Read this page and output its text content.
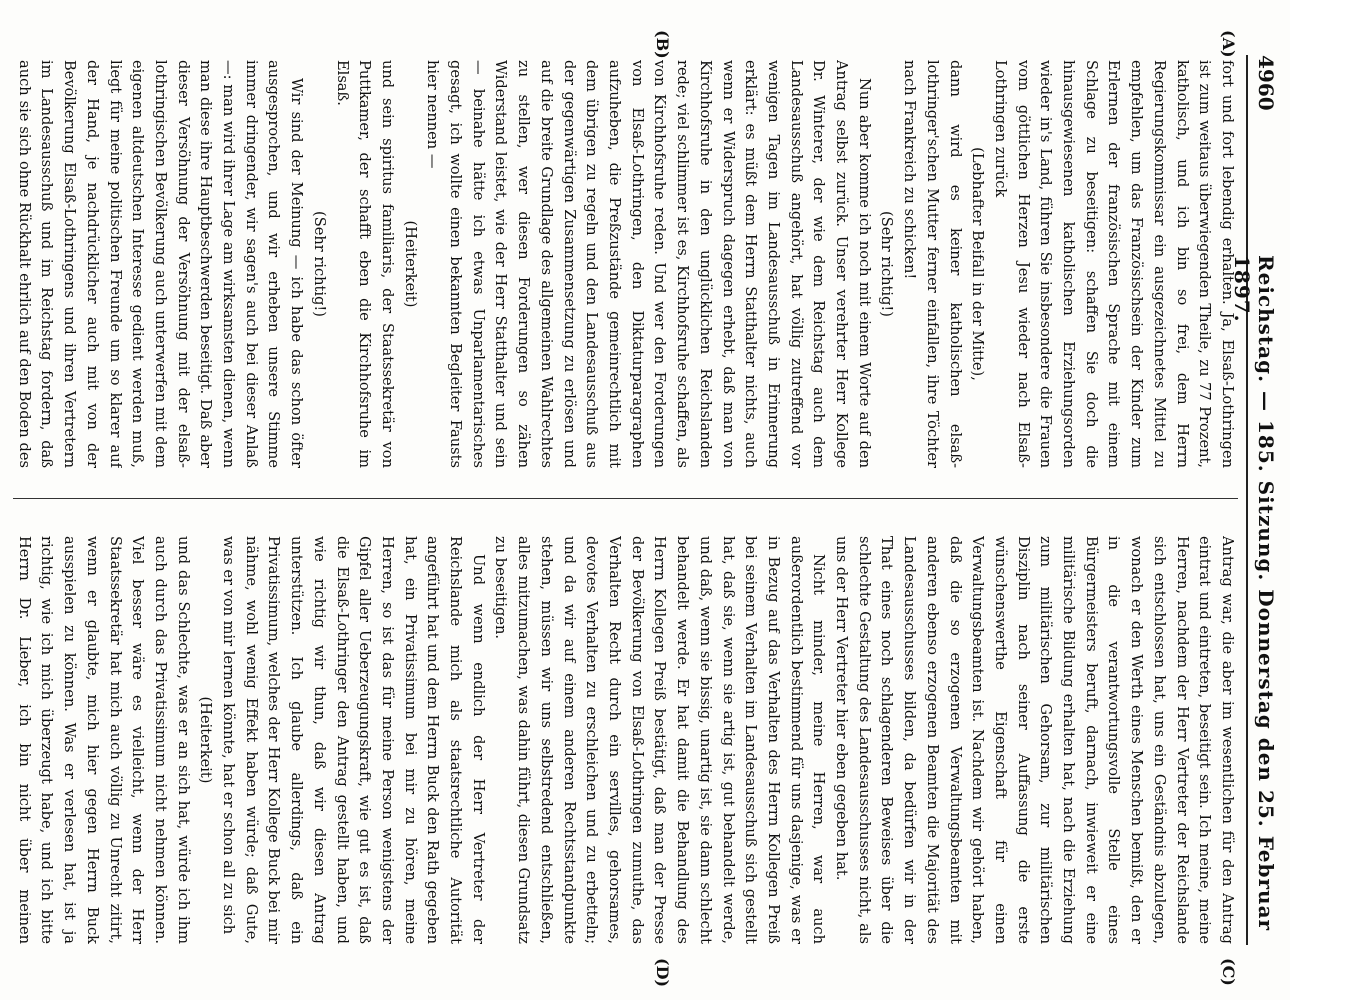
4960
Reichstag. — 185. Sitzung. Donnerstag den 25. Februar 1897.
(A)
(B)
(C)
(D)

fort und fort lebendig erhalten. Ja, Elsaß-Lothringen ist zum weitaus überwiegenden Theile, zu 77 Prozent, katholisch, und ich bin so frei, dem Herrn Regierungskommissar ein ausgezeichnetes Mittel zu empfehlen, um das Französischsein der Kinder zum Erlernen der französischen Sprache mit einem Schlage zu beseitigen: schaffen Sie doch die hinausgewiesenen katholischen Erziehungsorden wieder in's Land, führen Sie insbesondere die Frauen vom göttlichen Herzen Jesu wieder nach Elsaß-Lothringen zurück

(Lebhafter Beifall in der Mitte),

dann wird es keiner katholischen elsaß-lothringer'schen Mutter ferner einfallen, ihre Töchter nach Frankreich zu schicken!

(Sehr richtig!)

Nun aber komme ich noch mit einem Worte auf den Antrag selbst zurück. Unser verehrter Herr Kollege Dr. Winterer, der wie dem Reichstag auch dem Landesausschuß angehört, hat völlig zutreffend vor wenigen Tagen im Landesausschuß in Erinnerung erklärt: es müßt dem Herrn Statthalter nichts, auch wenn er Widerspruch dagegen erhebt, daß man von Kirchhofsruhe in den unglücklichen Reichslanden rede; viel schlimmer ist es, Kirchhofsruhe schaffen, als von Kirchhofsruhe reden. Und wer den Forderungen von Elsaß-Lothringen, den Diktaturparagraphen aufzuheben, die Preßzustände gemeinrechtlich mit dem übrigen zu regeln und den Landesausschuß aus der gegenwärtigen Zusammensetzung zu erlösen und auf die breite Grundlage des allgemeinen Wahlrechtes zu stellen, wer diesen Forderungen so zähen Widerstand leistet, wie der Herr Statthalter und sein — beinahe hätte ich etwas Unparlamentarisches gesagt, ich wollte einen bekannten Begleiter Fausts hier nennen —

(Heiterkeit)

und sein spiritus familiaris, der Staatssekretär von Puttkamer, der schafft eben die Kirchhofsruhe im Elsaß.

(Sehr richtig!)

Wir sind der Meinung — ich habe das schon öfter ausgesprochen, und wir erheben unsere Stimme immer dringender, wir sagen's auch bei dieser Anlaß —: man wird ihrer Lage am wirksamsten dienen, wenn man diese ihre Hauptbeschwerden beseitigt. Daß aber dieser Versöhnung der Versöhnung mit der elsaß-lothringischen Bevölkerung auch unterwerfen mit dem eigenen altdeutschen Interesse gedient werden muß, liegt für meine politischen Freunde um so klarer auf der Hand, je nachdrücklicher auch mit von der Bevölkerung Elsaß-Lothringens und ihren Vertretern im Landesausschuß und im Reichstag fordern, daß auch sie sich ohne Rückhalt ehrlich auf den Boden des

Antrag war, die aber im wesentlichen für den Antrag eintrat und eintreten, beseitigt sein. Ich meine, meine Herren, nachdem der Herr Vertreter der Reichslande sich entschlossen hat, uns ein Geständnis abzulegen, wonach er den Werth eines Menschen bemißt, den er in die verantwortungsvolle Stelle eines Bürgermeisters beruft, darnach, inwieweit er eine militärische Bildung erhalten hat, nach die Erziehung zum militärischen Gehorsam, zur militärischen Disziplin nach seiner Auffassung die erste wünschenswerthe Eigenschaft für einen Verwaltungsbeamten ist. Nachdem wir gehört haben, daß die so erzogenen Verwaltungsbeamten mit anderen ebenso erzogenen Beamten die Majorität des Landesausschusses bilden, da bedürfen wir in der That eines noch schlagenderen Beweises über die schlechte Gestaltung des Landesausschusses nicht, als uns der Herr Vertreter hier eben gegeben hat.

Nicht minder, meine Herren, war auch außerordentlich bestimmend für uns dasjenige, was er in Bezug auf das Verhalten des Herrn Kollegen Preiß bei seinem Verhalten im Landesausschuß sich gestellt hat, daß sie, wenn sie artig ist, gut behandelt werde, und daß, wenn sie bissig, unartig ist, sie dann schlecht behandelt werde. Er hat damit die Behandlung des Herrn Kollegen Preiß bestätigt, daß man der Presse der Bevölkerung von Elsaß-Lothringen zumuthe, das Verhalten Recht durch ein servilles, gehorsames, devotes Verhalten zu erschleichen und zu erbetteln; und da wir auf einem anderen Rechtsstandpunkte stehen, müssen wir uns selbstredend entschließen, alles mitzumachen, was dahin führt, diesen Grundsatz zu beseitigen.

Und wenn endlich der Herr Vertreter der Reichslande mich als staatsrechtliche Autorität angeführt hat und dem Herrn Buck den Rath gegeben hat, ein Privatissimum bei mir zu hören, meine Herren, so ist das für meine Person wenigstens der Gipfel aller Ueberzeugungskraft, wie gut es ist, daß die Elsaß-Lothringer den Antrag gestellt haben, und wie richtig wir thun, daß wir diesen Antrag unterstützen. Ich glaube allerdings, daß ein Privatissimum, welches der Herr Kollege Buck bei mir nähme, wohl wenig Effekt haben würde; daß Gute, was er von mir lernen könnte, hat er schon all zu sich

(Heiterkeit)

und das Schlechte, was er an sich hat, würde ich ihm auch durch das Privatissimum nicht nehmen können. Viel besser wäre es vielleicht, wenn der Herr Staatssekretär hat mich auch völlig zu Unrecht zitirt, wenn er glaubte, mich hier gegen Herrn Buck ausspielen zu können. Was er verlesen hat, ist ja richtig, wie ich mich überzeugt habe, und ich bitte Herrn Dr. Lieber, ich bin nicht über meinen
